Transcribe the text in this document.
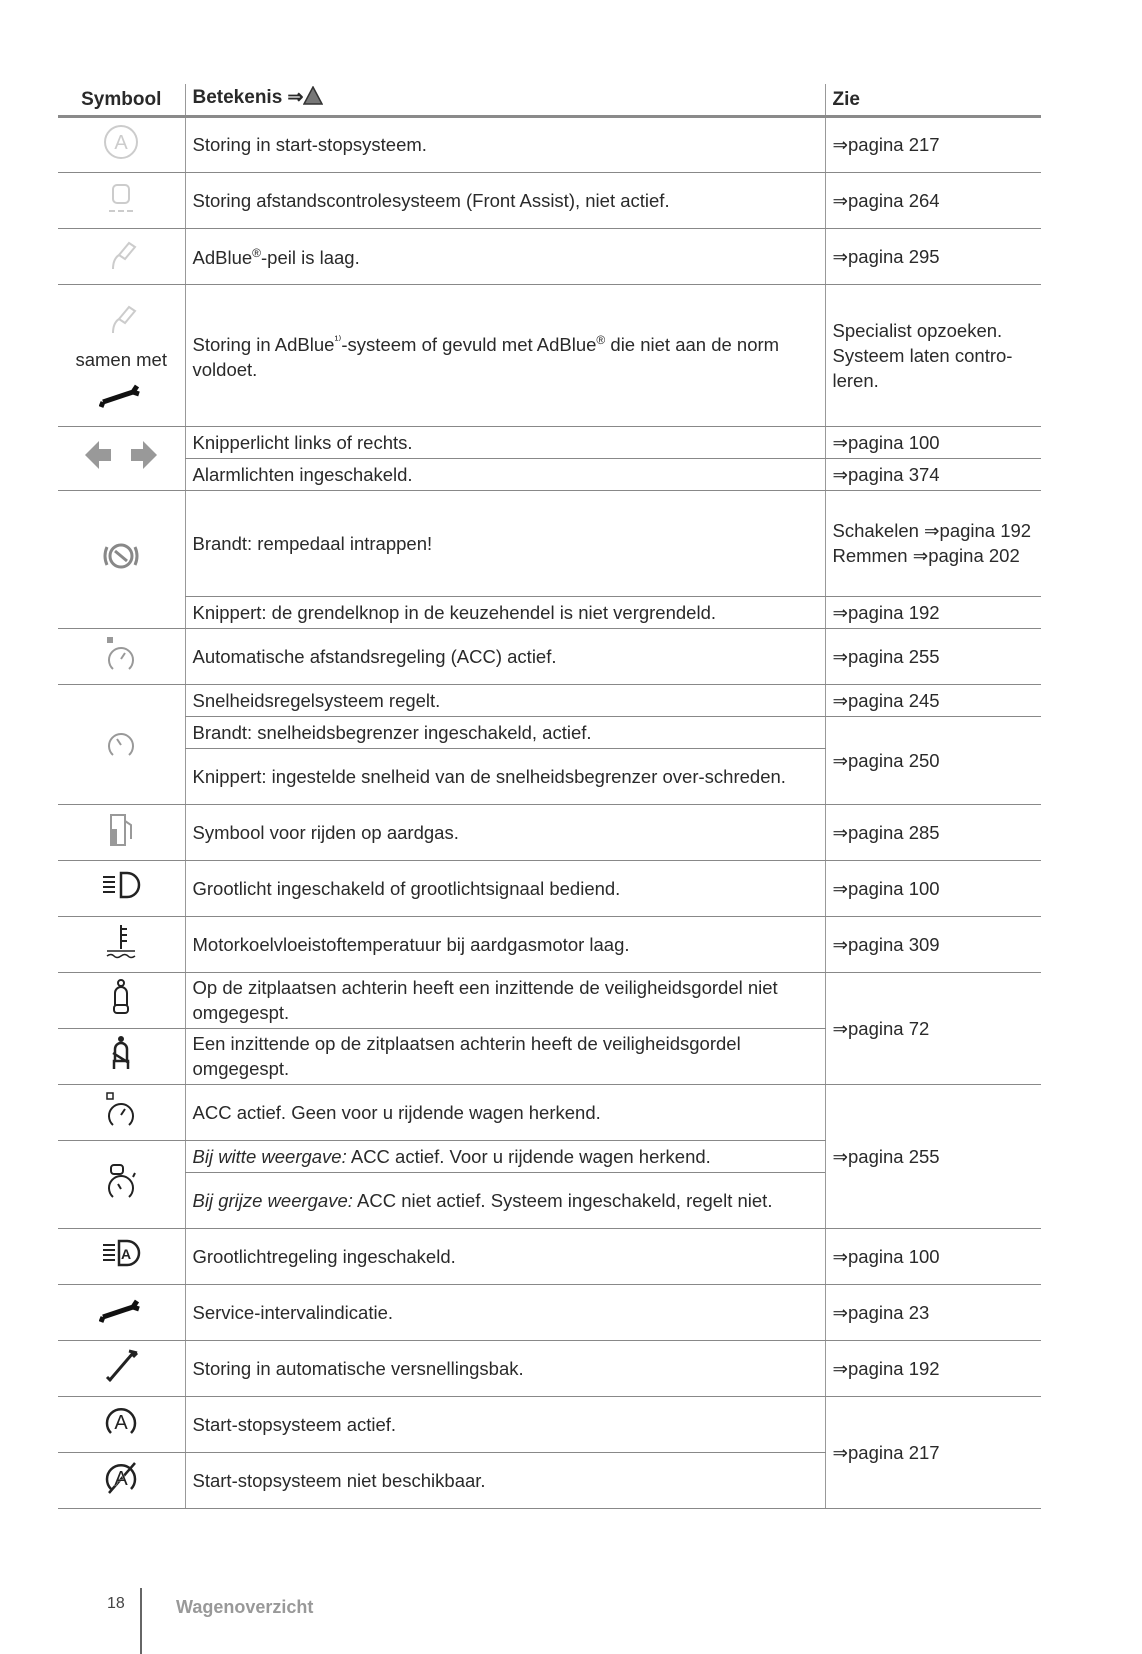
Symbool	Betekenis ⇒	Zie

A	Storing in start-stopsysteem.	⇒pagina 217
	Storing afstandscontrolesysteem (Front Assist), niet actief.	⇒pagina 264
	AdBlue®-peil is laag.	⇒pagina 295

samen met	Storing in AdBlue$^{^{1)}}$-systeem of gevuld met AdBlue® die niet aan de norm voldoet.	Specialist opzoeken. Systeem laten contro-leren.
	Knipperlicht links of rechts.	⇒pagina 100
	Alarmlichten ingeschakeld.	⇒pagina 374
	Brandt: rempedaal intrappen!	Schakelen ⇒pagina 192
Remmen ⇒pagina 202

	Knippert: de grendelknop in de keuzehendel is niet vergrendeld.	⇒pagina 192
	Automatische afstandsregeling (ACC) actief.	⇒pagina 255
	Snelheidsregelsysteem regelt.	⇒pagina 245
	Brandt: snelheidsbegrenzer ingeschakeld, actief.	⇒pagina 250
	Knippert: ingestelde snelheid van de snelheidsbegrenzer over-schreden.	
	Symbool voor rijden op aardgas.	⇒pagina 285
	Grootlicht ingeschakeld of grootlichtsignaal bediend.	⇒pagina 100
	Motorkoelvloeistoftemperatuur bij aardgasmotor laag.	⇒pagina 309
	Op de zitplaatsen achterin heeft een inzittende de veiligheidsgordel niet omgegespt.	⇒pagina 72
	Een inzittende op de zitplaatsen achterin heeft de veiligheidsgordel omgegespt.	
	ACC actief. Geen voor u rijdende wagen herkend.	⇒pagina 255
	Bij witte weergave: ACC actief. Voor u rijdende wagen herkend.	
	Bij grijze weergave: ACC niet actief. Systeem ingeschakeld, regelt niet.	

A	Grootlichtregeling ingeschakeld.	⇒pagina 100
	Service-intervalindicatie.	⇒pagina 23
	Storing in automatische versnellingsbak.	⇒pagina 192

A	Start-stopsysteem actief.	⇒pagina 217

A	Start-stopsysteem niet beschikbaar.	
18	Wagenoverzicht
